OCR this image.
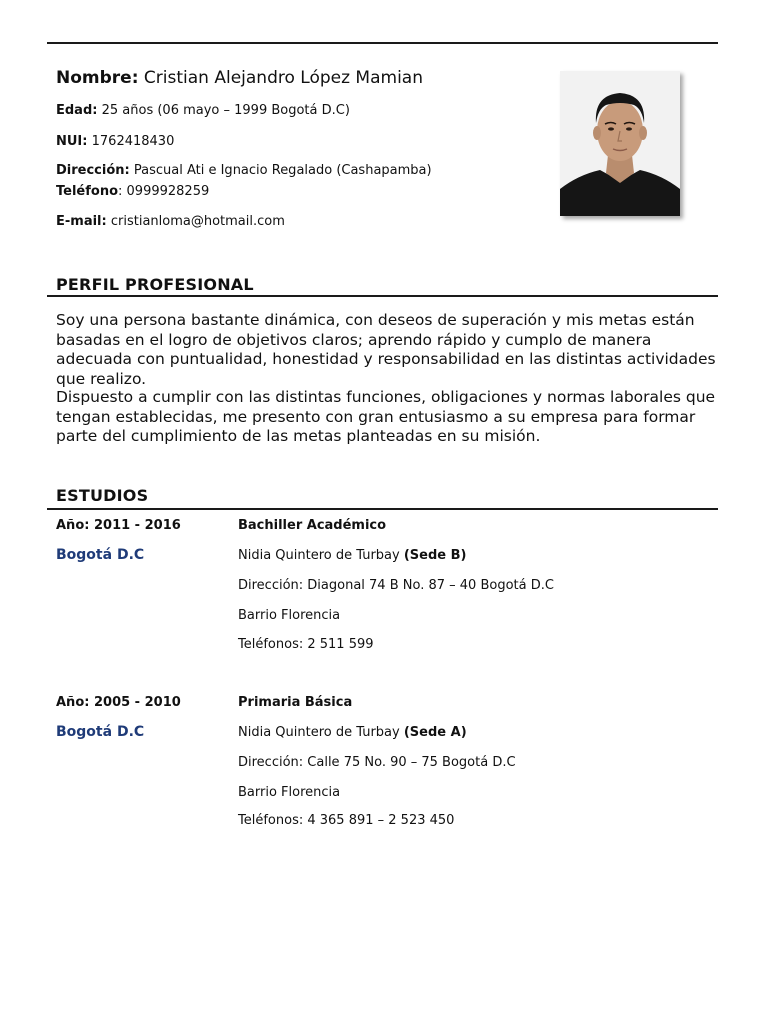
Nombre: Cristian Alejandro López Mamian
Edad: 25 años (06 mayo – 1999 Bogotá D.C)
NUI: 1762418430
Dirección: Pascual Ati e Ignacio Regalado (Cashapamba)
Teléfono: 0999928259
E-mail: cristianloma@hotmail.com
PERFIL PROFESIONAL
Soy una persona bastante dinámica, con deseos de superación y mis metas están basadas en el logro de objetivos claros; aprendo rápido y cumplo de manera adecuada con puntualidad, honestidad y responsabilidad en las distintas actividades que realizo.
Dispuesto a cumplir con las distintas funciones, obligaciones y normas laborales que tengan establecidas, me presento con gran entusiasmo a su empresa para formar parte del cumplimiento de las metas planteadas en su misión.
ESTUDIOS
Año: 2011 - 2016	Bachiller Académico
Bogotá D.C	Nidia Quintero de Turbay (Sede B)
Dirección: Diagonal 74 B No. 87 – 40 Bogotá D.C
Barrio Florencia
Teléfonos: 2 511 599
Año: 2005 - 2010	Primaria Básica
Bogotá D.C	Nidia Quintero de Turbay (Sede A)
Dirección: Calle 75 No. 90 – 75 Bogotá D.C
Barrio Florencia
Teléfonos: 4 365 891 – 2 523 450
